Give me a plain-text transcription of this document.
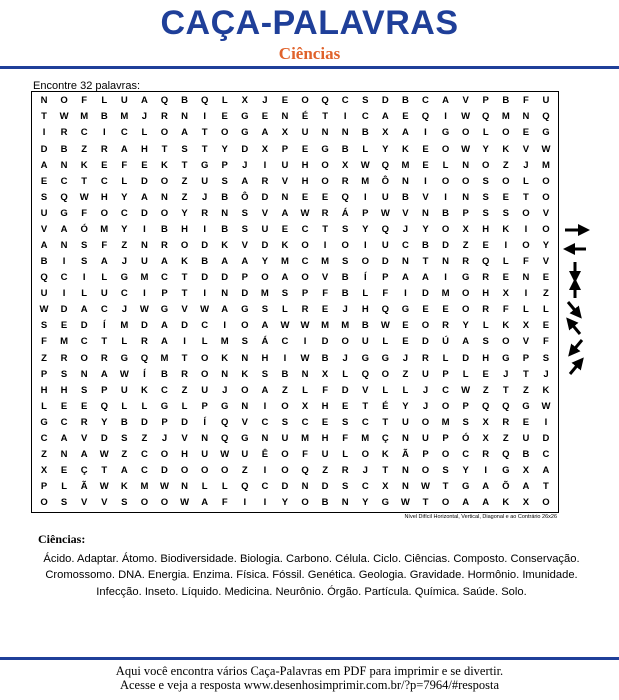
CAÇA-PALAVRAS
Ciências
Encontre 32 palavras:
N	O	F	L	U	A	Q	B	Q	L	X	J	E	O	Q	C	S	D	B	C	A	V	P	B	F	U
T	W	M	B	M	J	R	N	I	E	G	E	N	É	T	I	C	A	E	Q	I	W	Q	M	N	Q
I	R	C	I	C	L	O	A	T	O	G	A	X	U	N	N	B	X	A	I	G	O	L	O	E	G
D	B	Z	R	A	H	T	S	T	Y	D	X	P	E	G	B	L	Y	K	E	O	W	Y	K	V	W
A	N	K	E	F	E	K	T	G	P	J	I	U	H	O	X	W	Q	M	E	L	N	O	Z	J	M
E	C	T	C	L	D	O	Z	U	S	A	R	V	H	O	R	M	Ô	N	I	O	O	S	O	L	O
S	Q	W	H	Y	A	N	Z	J	B	Ô	D	N	E	E	Q	I	U	B	V	I	N	S	E	T	O
U	G	F	O	C	D	O	Y	R	N	S	V	A	W	R	Á	P	W	V	N	B	P	S	S	O	V
V	A	Ó	M	Y	I	B	H	I	B	S	U	E	C	T	S	Y	Q	J	Y	O	X	H	K	I	O
A	N	S	F	Z	N	R	O	D	K	V	D	K	O	I	O	I	U	C	B	D	Z	E	I	O	Y
B	I	S	A	J	U	A	K	B	A	A	Y	M	C	M	S	O	D	N	T	N	R	Q	L	F	V
Q	C	I	L	G	M	C	T	D	D	P	O	A	O	V	B	Í	P	A	A	I	G	R	E	N	E
U	I	L	U	C	I	P	T	I	N	D	M	S	P	F	B	L	F	I	D	M	O	H	X	I	Z
W	D	A	C	J	W	G	V	W	A	G	S	L	R	E	J	H	Q	G	E	E	O	R	F	L	L
S	E	D	Í	M	D	A	D	C	I	O	A	W	W	M	M	B	W	E	O	R	Y	L	K	X	E
F	M	C	T	L	R	A	I	L	M	S	Á	C	I	D	O	U	L	E	D	Ú	A	S	O	V	F
Z	R	O	R	G	Q	M	T	O	K	N	H	I	W	B	J	G	G	J	R	L	D	H	G	P	S
P	S	N	A	W	Í	B	R	O	N	K	S	B	N	X	L	Q	O	Z	U	P	L	E	J	T	J
H	H	S	P	U	K	C	Z	U	J	O	A	Z	L	F	D	V	L	L	J	C	W	Z	T	Z	K
L	E	E	Q	L	L	G	L	P	G	N	I	O	X	H	E	T	É	Y	J	O	P	Q	Q	G	W
G	C	R	Y	B	D	P	D	Í	Q	V	C	S	C	E	S	C	T	U	O	M	S	X	R	E	I
C	A	V	D	S	Z	J	V	N	Q	G	N	U	M	H	F	M	Ç	N	U	P	Ó	X	Z	U	D
Z	N	A	W	Z	C	O	H	U	W	U	Ê	O	F	U	L	O	K	Ã	P	O	C	R	Q	B	C
X	E	Ç	T	A	C	D	O	O	O	Z	I	O	Q	Z	R	J	T	N	O	S	Y	I	G	X	A
P	L	Ã	W	K	M	W	N	L	L	Q	C	D	N	D	S	C	X	N	W	T	G	A	Õ	A	T
O	S	V	V	S	O	O	W	A	F	I	I	Y	O	B	N	Y	G	W	T	O	A	A	K	X	O
Nível Difícil Horizontal, Vertical, Diagonal e ao Contrário 26x26
Ciências:
Ácido. Adaptar. Átomo. Biodiversidade. Biologia. Carbono. Célula. Ciclo. Ciências. Composto. Conservação. Cromossomo. DNA. Energia. Enzima. Física. Fóssil. Genética. Geologia. Gravidade. Hormônio. Imunidade. Infecção. Inseto. Líquido. Medicina. Neurônio. Órgão. Partícula. Química. Saúde. Solo.
Aqui você encontra vários Caça-Palavras em PDF para imprimir e se divertir.
Acesse e veja a resposta www.desenhosimprimir.com.br/?p=7964/#resposta
